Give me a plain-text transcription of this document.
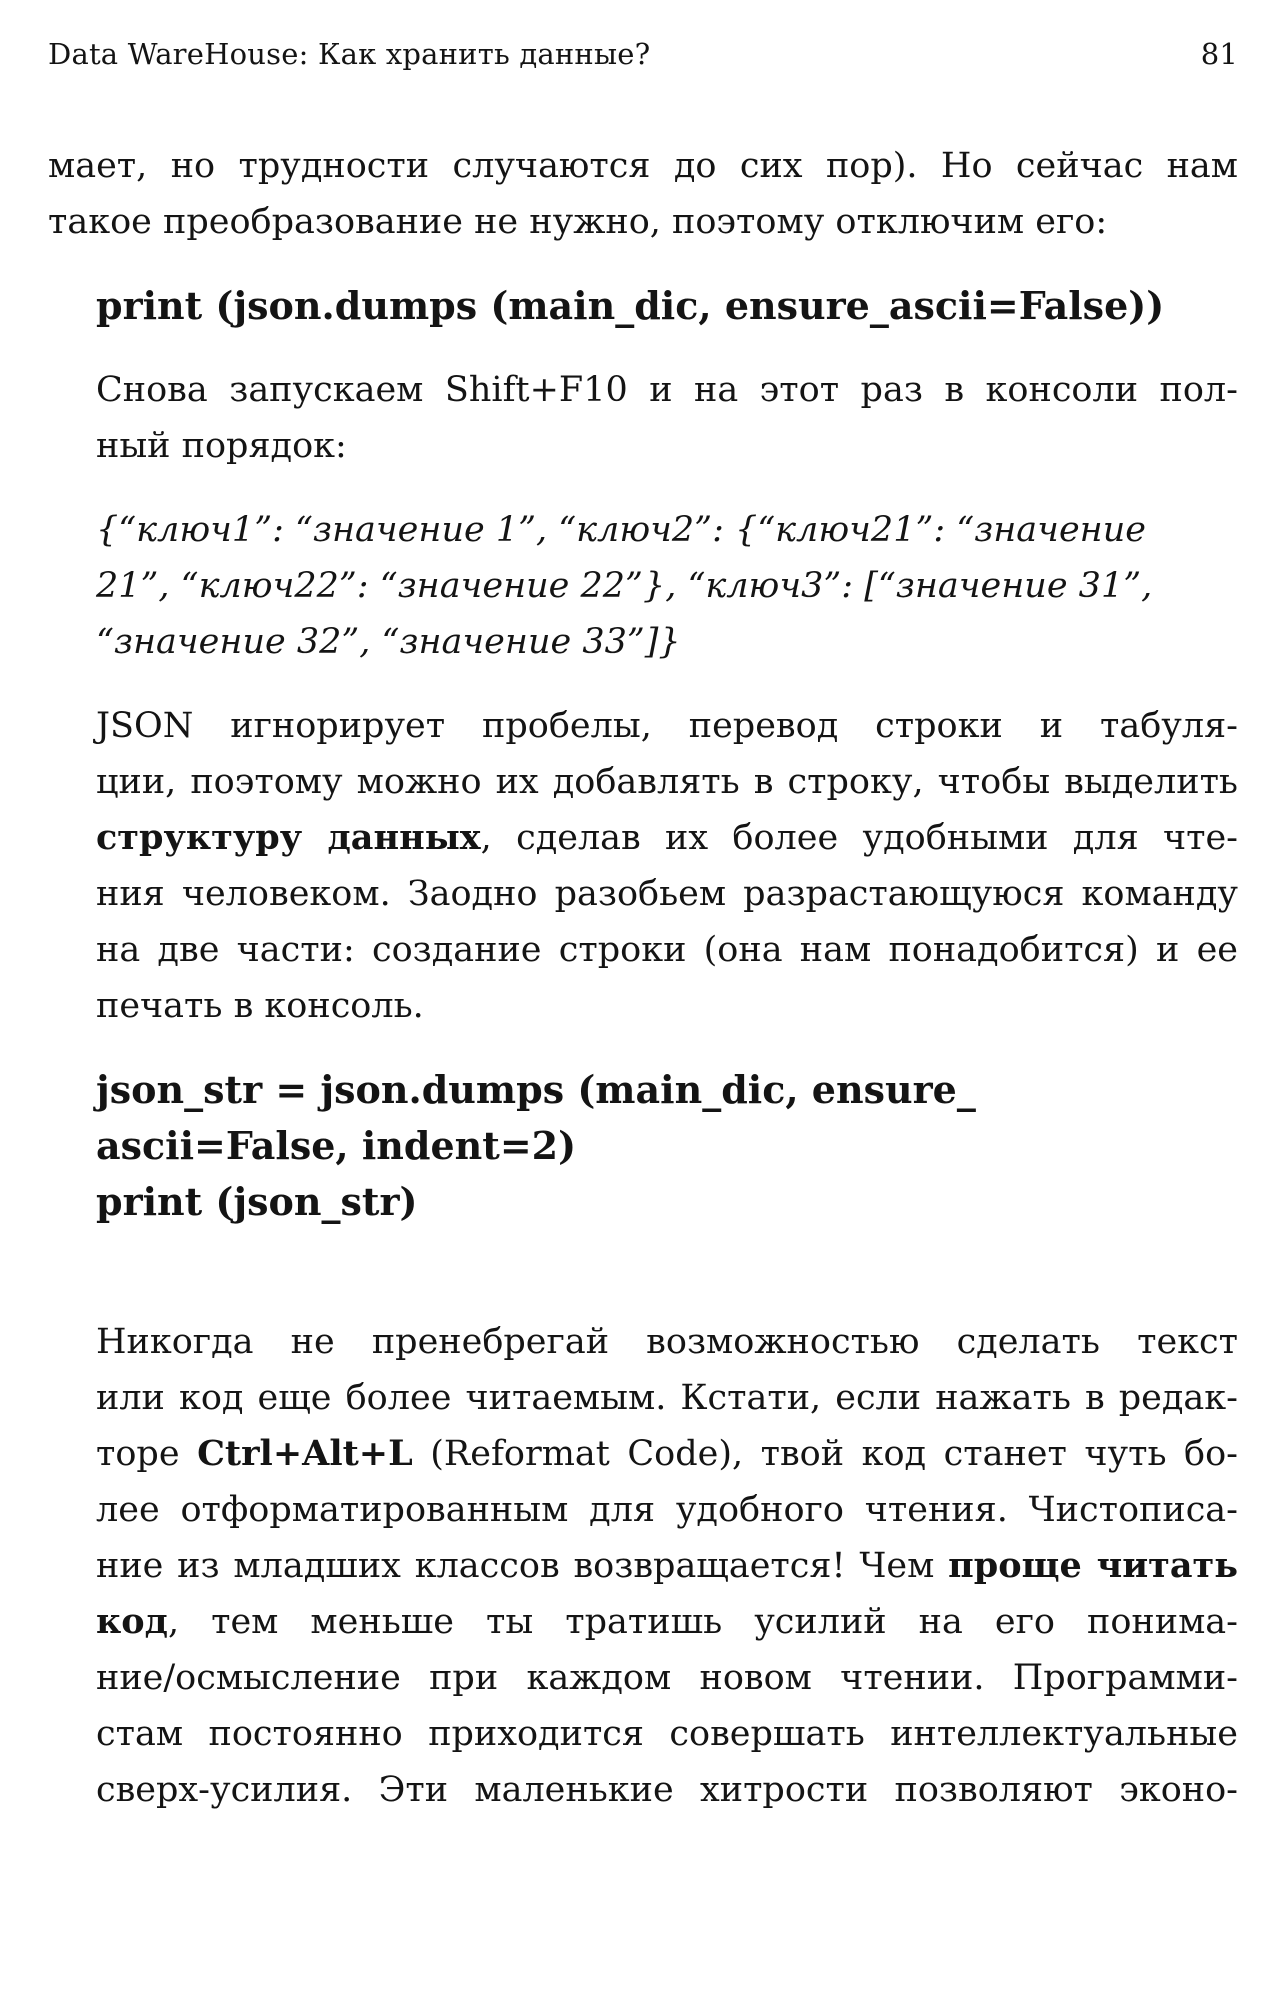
Data WareHouse: Как хранить данные?	81

мает, но трудности случаются до сих пор). Но сейчас нам
такое преобразование не нужно, поэтому отключим его:

print (json.dumps (main_dic, ensure_ascii=False))

Снова запускаем Shift+F10 и на этот раз в консоли пол-
ный порядок:

{“ключ1”: “значение 1”, “ключ2”: {“ключ21”: “значение
21”, “ключ22”: “значение 22”}, “ключ3”: [“значение 31”,
“значение 32”, “значение 33”]}

JSON игнорирует пробелы, перевод строки и табуля-
ции, поэтому можно их добавлять в строку, чтобы выделить
структуру данных, сделав их более удобными для чте-
ния человеком. Заодно разобьем разрастающуюся команду
на две части: создание строки (она нам понадобится) и ее
печать в консоль.

json_str = json.dumps (main_dic, ensure_
ascii=False, indent=2)
print (json_str)

Никогда не пренебрегай возможностью сделать текст
или код еще более читаемым. Кстати, если нажать в редак-
торе Ctrl+Alt+L (Reformat Code), твой код станет чуть бо-
лее отформатированным для удобного чтения. Чистописа-
ние из младших классов возвращается! Чем проще читать
код, тем меньше ты тратишь усилий на его понима-
ние/осмысление при каждом новом чтении. Программи-
стам постоянно приходится совершать интеллектуальные
сверх-усилия. Эти маленькие хитрости позволяют эконо-
